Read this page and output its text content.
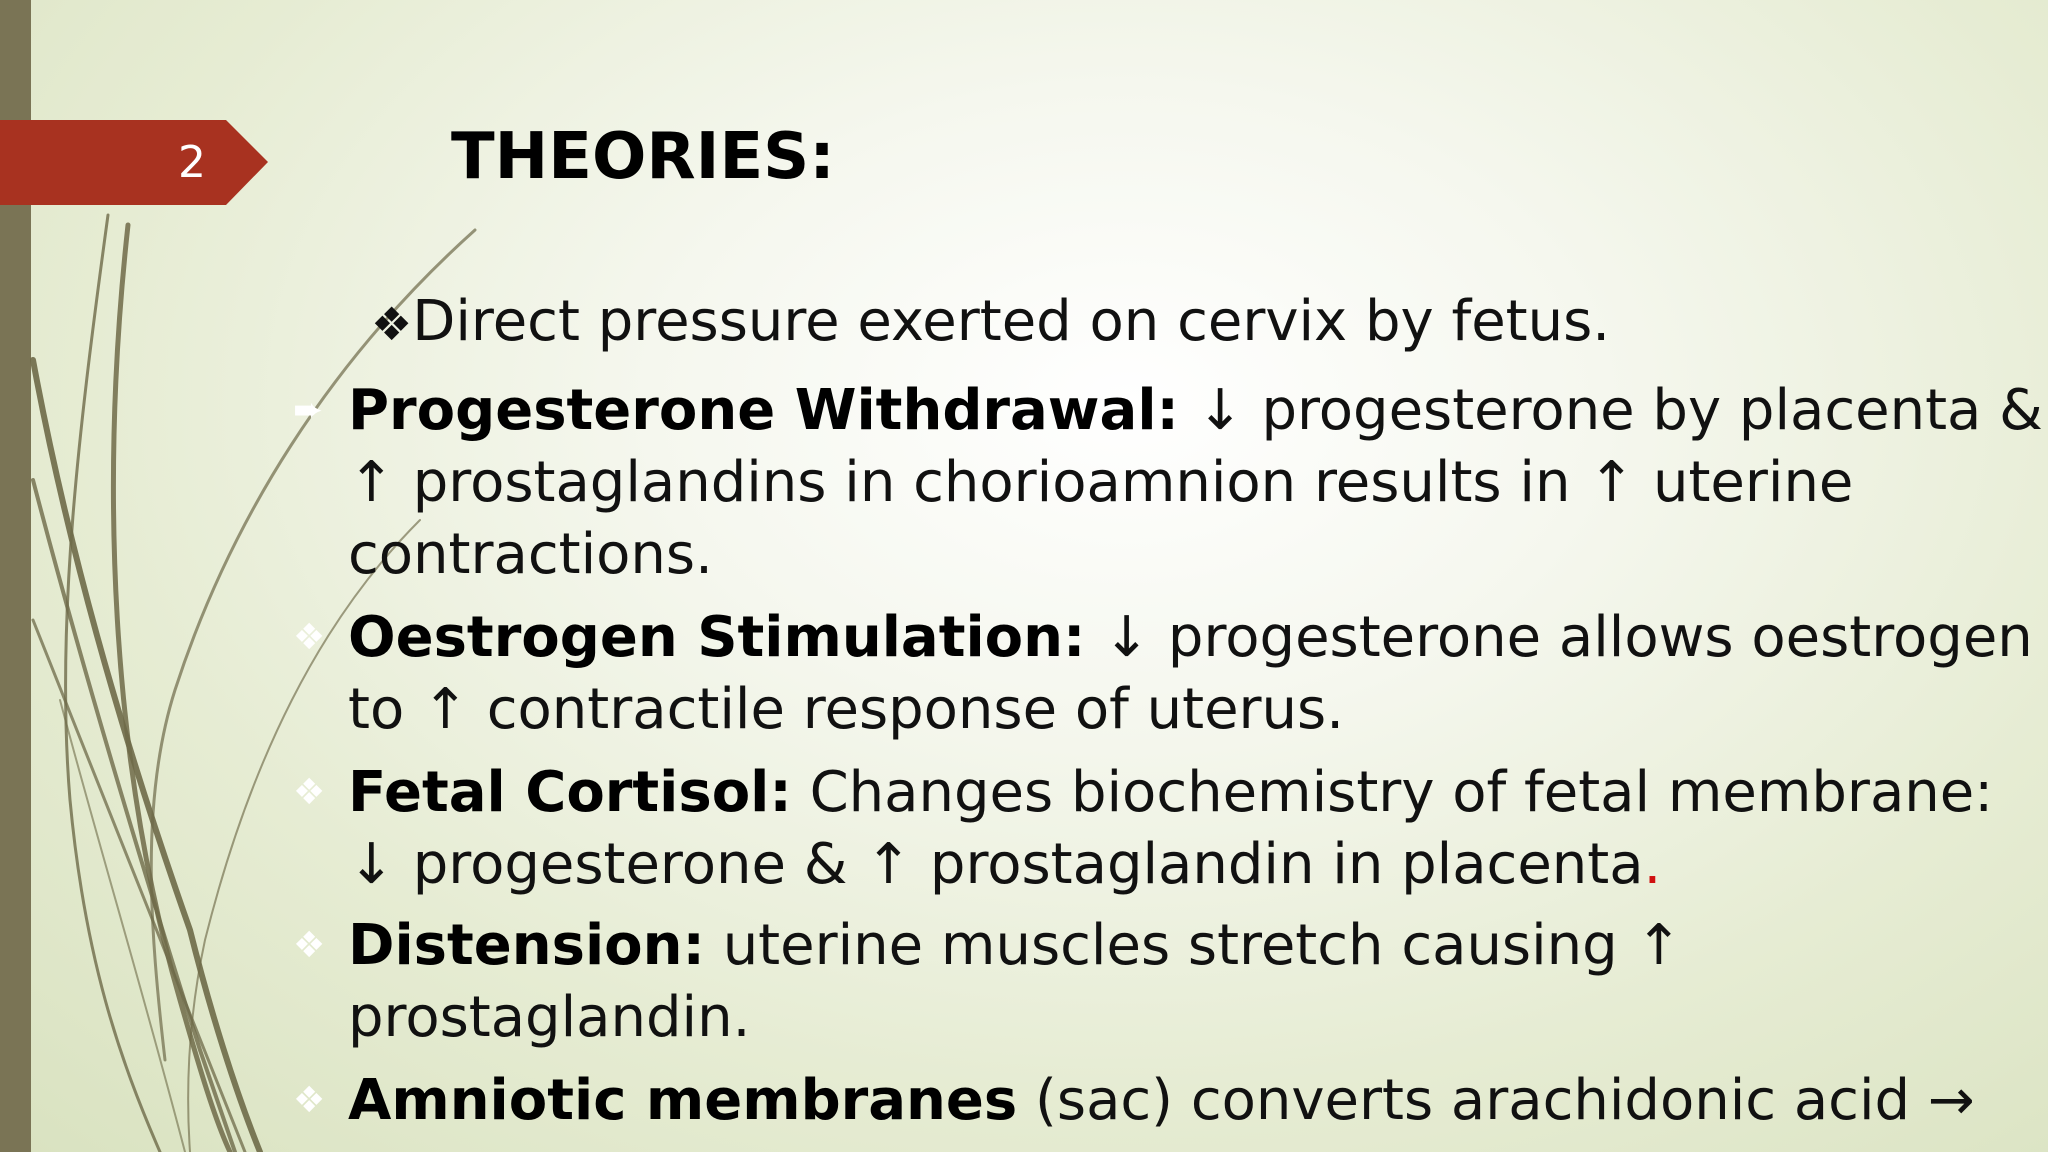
2	THEORIES:
❖Direct pressure exerted on cervix by fetus.
➨ Progesterone Withdrawal: ↓ progesterone by placenta &
↑ prostaglandins in chorioamnion results in ↑ uterine
contractions.
❖ Oestrogen Stimulation: ↓ progesterone allows oestrogen
to ↑ contractile response of uterus.
❖ Fetal Cortisol: Changes biochemistry of fetal membrane:
↓ progesterone & ↑ prostaglandin in placenta.
❖ Distension: uterine muscles stretch causing ↑
prostaglandin.
❖ Amniotic membranes (sac) converts arachidonic acid →
